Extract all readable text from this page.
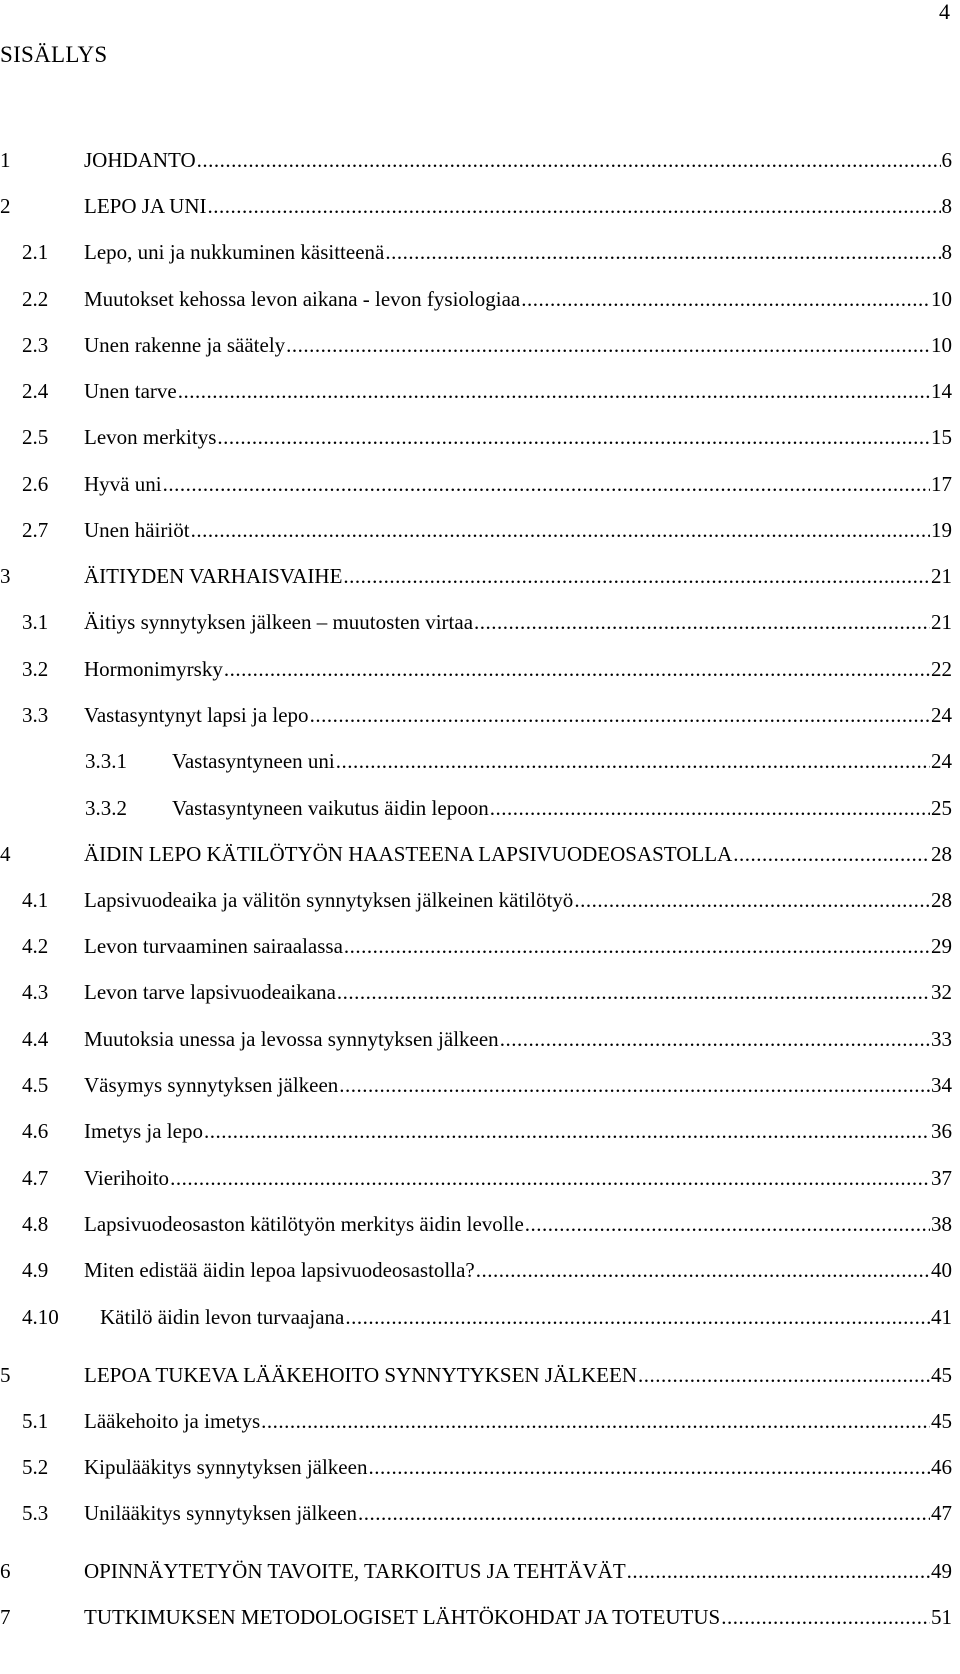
4
SISÄLLYS
1	JOHDANTO .....	6
2	LEPO JA UNI .....	8
2.1 Lepo, uni ja nukkuminen käsitteenä .....	8
2.2 Muutokset kehossa levon aikana - levon fysiologiaa .....	10
2.3 Unen rakenne ja säätely .....	10
2.4 Unen tarve .....	14
2.5 Levon merkitys .....	15
2.6 Hyvä uni .....	17
2.7 Unen häiriöt .....	19
3	ÄITIYDEN VARHAISVAIHE .....	21
3.1 Äitiys synnytyksen jälkeen – muutosten virtaa .....	21
3.2 Hormonimyrsky .....	22
3.3 Vastasyntynyt lapsi ja lepo .....	24
3.3.1 Vastasyntyneen uni .....	24
3.3.2 Vastasyntyneen vaikutus äidin lepoon .....	25
4	ÄIDIN LEPO KÄTILÖTYÖN HAASTEENA LAPSIVUODEOSASTOLLA .....	28
4.1 Lapsivuodeaika ja välitön synnytyksen jälkeinen kätilötyö .....	28
4.2 Levon turvaaminen sairaalassa .....	29
4.3 Levon tarve lapsivuodeaikana .....	32
4.4 Muutoksia unessa ja levossa synnytyksen jälkeen .....	33
4.5 Väsymys synnytyksen jälkeen .....	34
4.6 Imetys ja lepo .....	36
4.7 Vierihoito .....	37
4.8 Lapsivuodeosaston kätilötyön merkitys äidin levolle .....	38
4.9 Miten edistää äidin lepoa lapsivuodeosastolla? .....	40
4.10 Kätilö äidin levon turvaajana .....	41
5	LEPOA TUKEVA LÄÄKEHOITO SYNNYTYKSEN JÄLKEEN .....	45
5.1 Lääkehoito ja imetys .....	45
5.2 Kipulääkitys synnytyksen jälkeen .....	46
5.3 Unilääkitys synnytyksen jälkeen .....	47
6	OPINNÄYTETYÖN TAVOITE, TARKOITUS JA TEHTÄVÄT .....	49
7	TUTKIMUKSEN METODOLOGISET LÄHTÖKOHDAT JA TOTEUTUS .....	51
